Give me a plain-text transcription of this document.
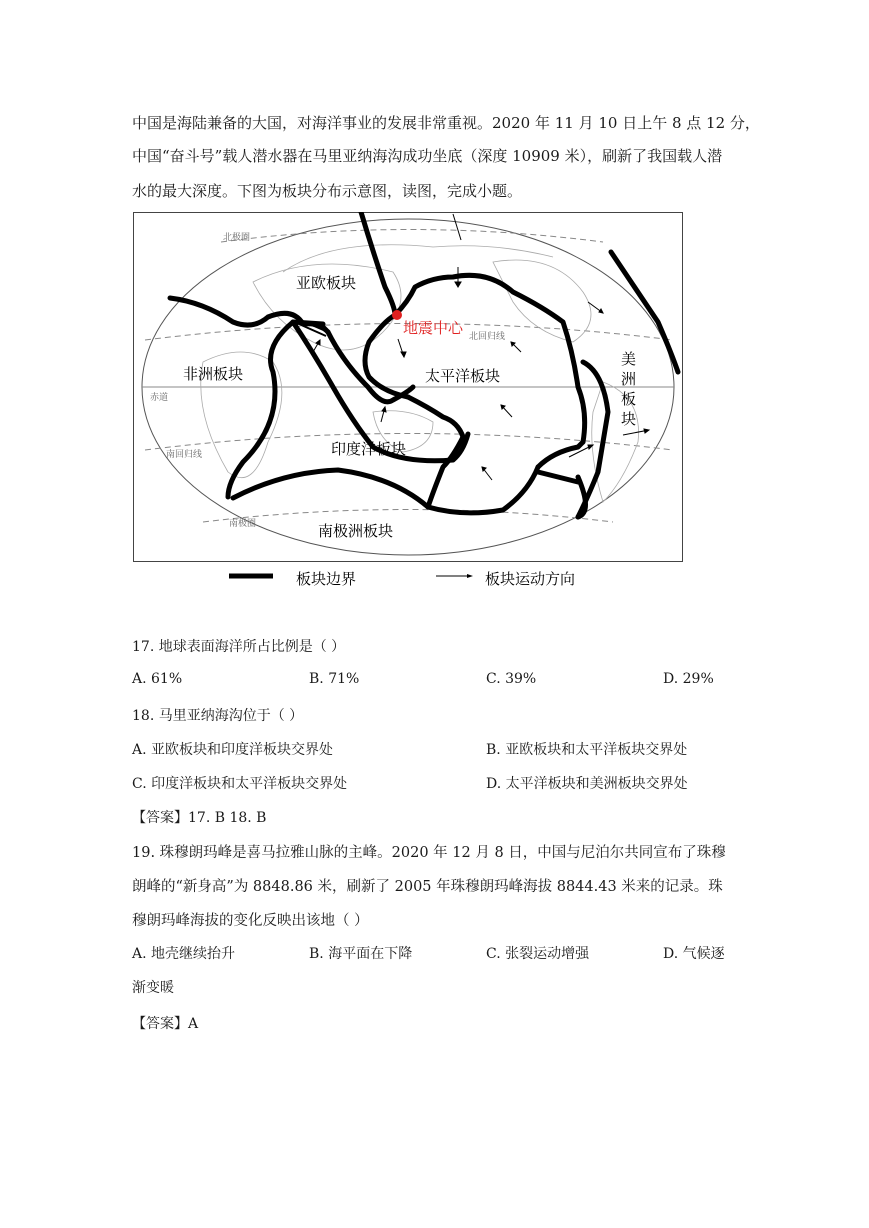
中国是海陆兼备的大国，对海洋事业的发展非常重视。2020 年 11 月 10 日上午 8 点 12 分，
中国“奋斗号”载人潜水器在马里亚纳海沟成功坐底（深度 10909 米），刷新了我国载人潜
水的最大深度。下图为板块分布示意图，读图，完成小题。
亚欧板块
非洲板块	太平洋板块
印度洋板块
南极洲板块
美
洲
板
块
地震中心
北极圈
北回归线
赤道
南回归线
南极圈
板块边界	板块运动方向
17. 地球表面海洋所占比例是（ ）
A. 61%	B. 71%	C. 39%	D. 29%
18. 马里亚纳海沟位于（ ）
A. 亚欧板块和印度洋板块交界处	B. 亚欧板块和太平洋板块交界处
C. 印度洋板块和太平洋板块交界处	D. 太平洋板块和美洲板块交界处
【答案】17. B 18. B
19. 珠穆朗玛峰是喜马拉雅山脉的主峰。2020 年 12 月 8 日，中国与尼泊尔共同宣布了珠穆
朗峰的“新身高”为 8848.86 米，刷新了 2005 年珠穆朗玛峰海拔 8844.43 米来的记录。珠
穆朗玛峰海拔的变化反映出该地（ ）
A. 地壳继续抬升	B. 海平面在下降	C. 张裂运动增强	D. 气候逐
渐变暖
【答案】A
